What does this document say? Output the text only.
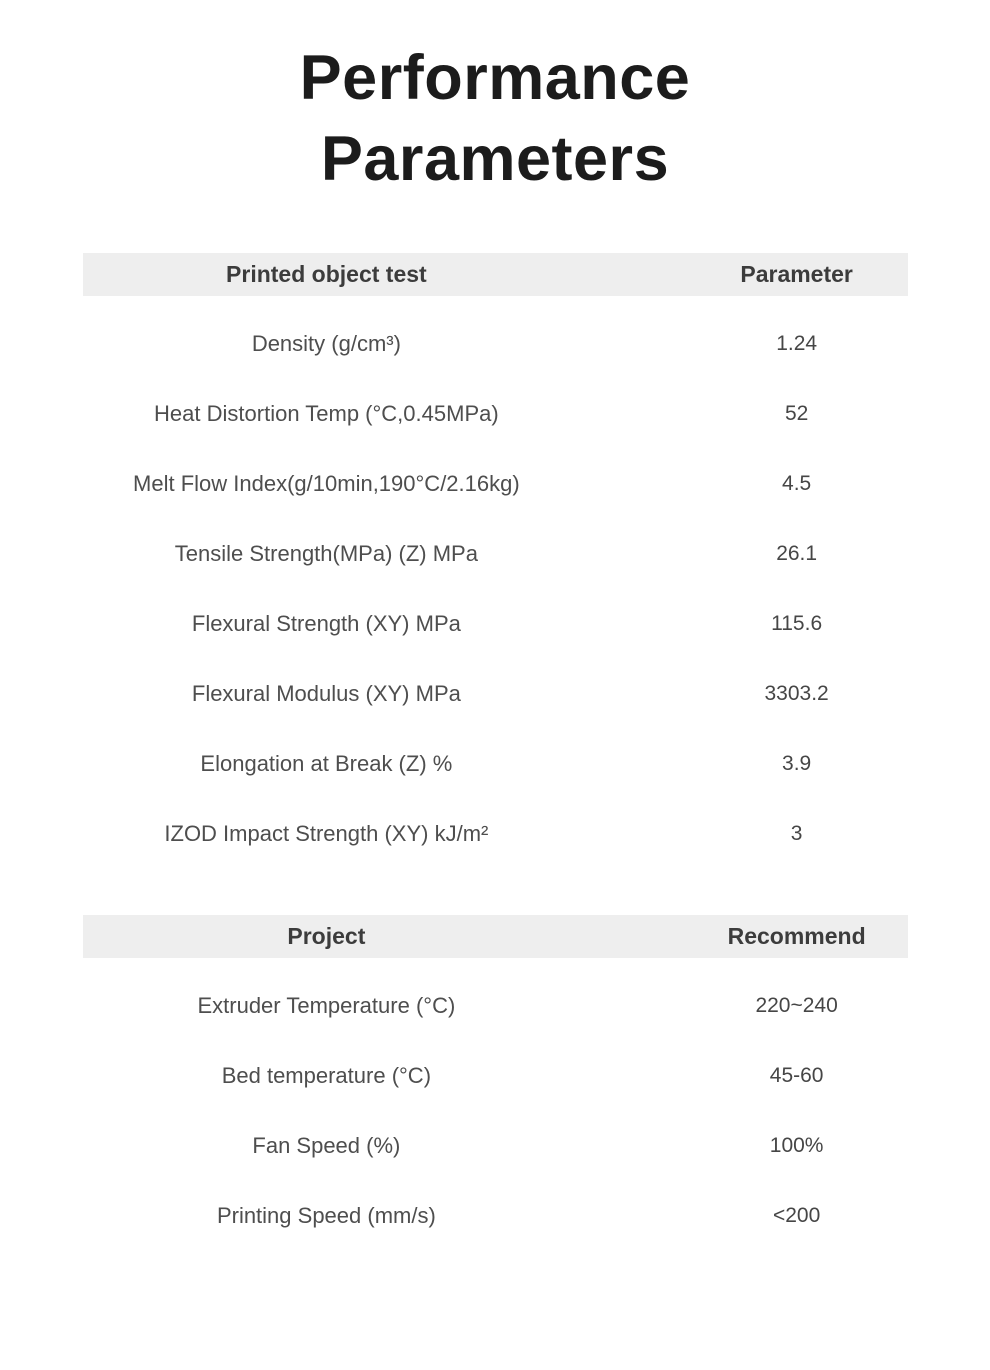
Performance
Parameters
Printed object test	Parameter
Density (g/cm³)	1.24
Heat Distortion Temp (°C,0.45MPa)	52
Melt Flow Index(g/10min,190°C/2.16kg)	4.5
Tensile Strength(MPa) (Z) MPa	26.1
Flexural Strength (XY) MPa	115.6
Flexural Modulus (XY) MPa	3303.2
Elongation at Break (Z) %	3.9
IZOD Impact Strength (XY) kJ/m²	3
Project	Recommend
Extruder Temperature (°C)	220~240
Bed temperature (°C)	45-60
Fan Speed (%)	100%
Printing Speed (mm/s)	<200
